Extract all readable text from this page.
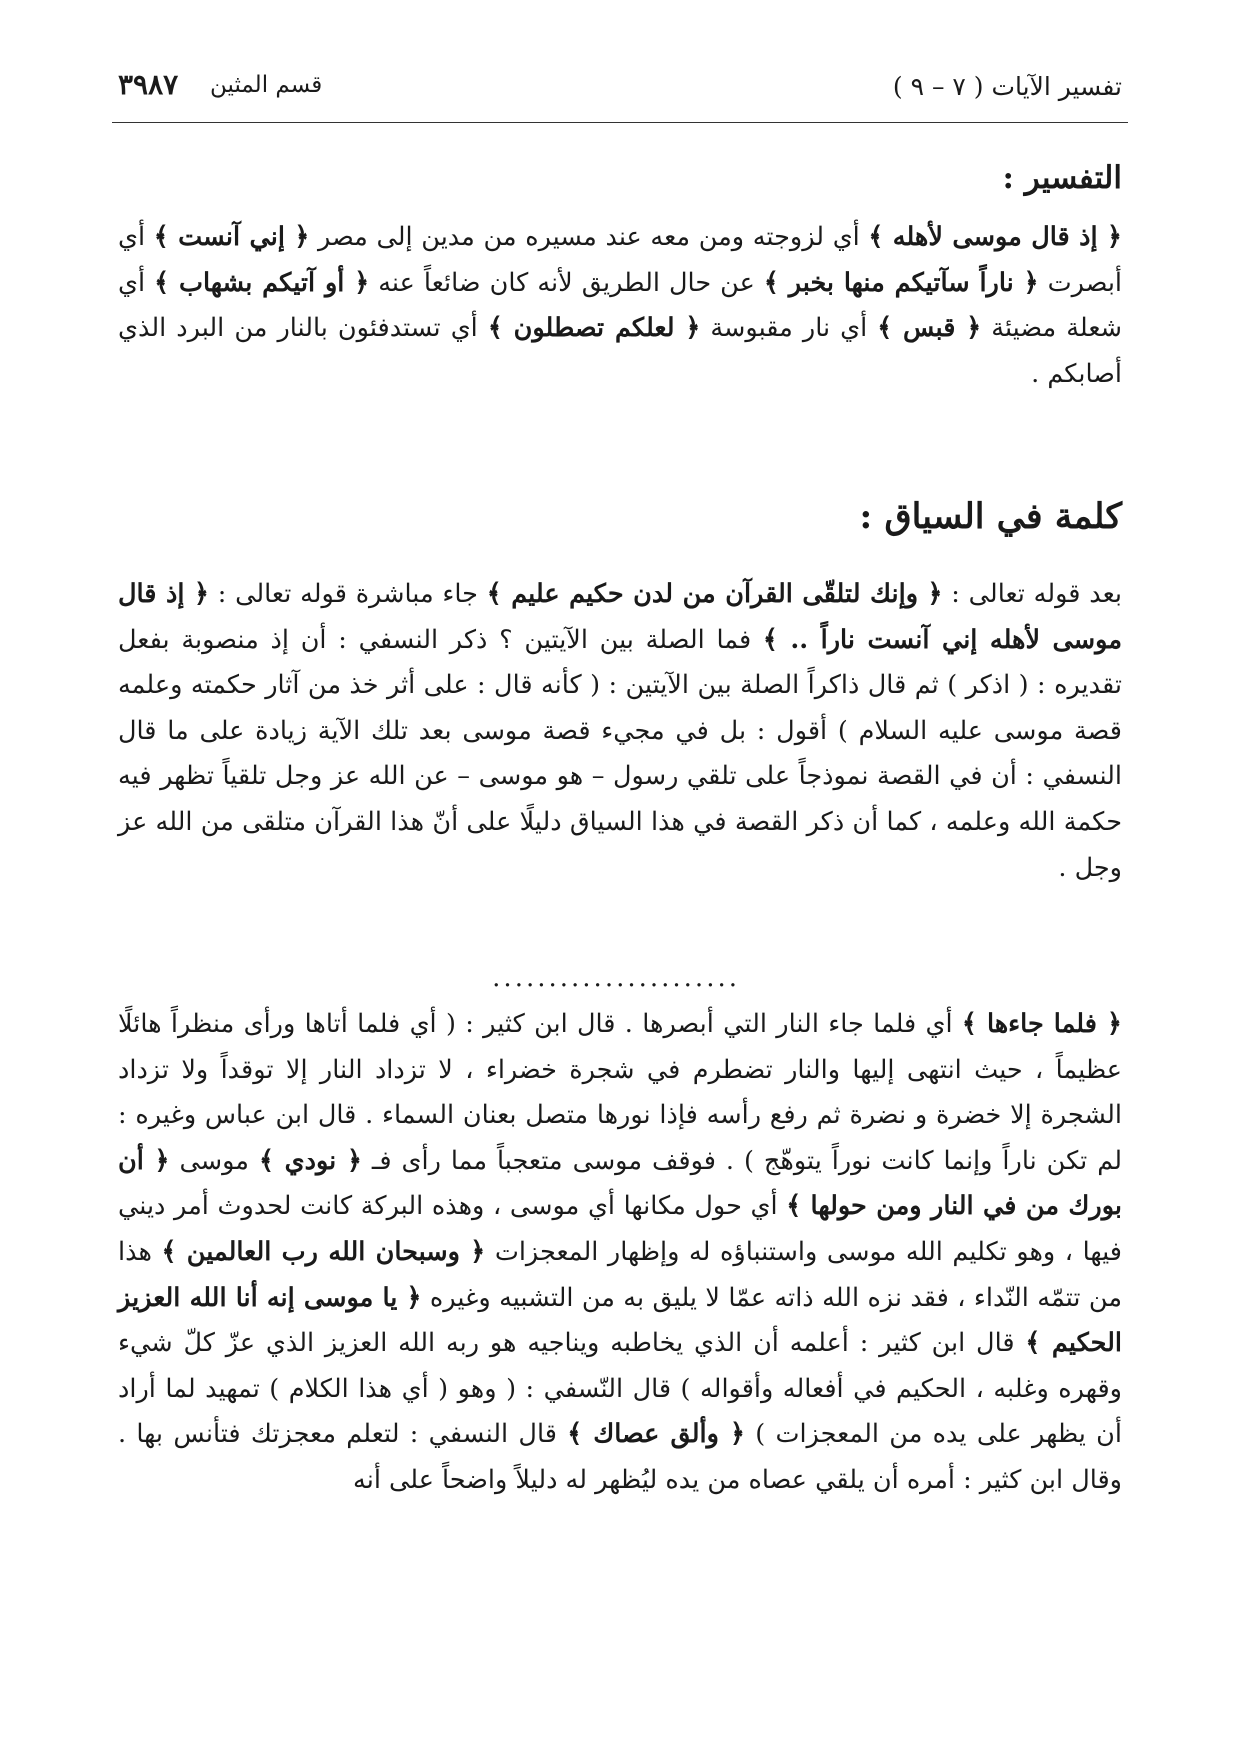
تفسير الآيات ( ٧ – ٩ )
قسم المثين
٣٩٨٧
التفسير :

﴿ إذ قال موسى لأهله ﴾ أي لزوجته ومن معه عند مسيره من مدين إلى مصر ﴿ إني آنست ﴾ أي أبصرت ﴿ ناراً سآتيكم منها بخبر ﴾ عن حال الطريق لأنه كان ضائعاً عنه ﴿ أو آتيكم بشهاب ﴾ أي شعلة مضيئة ﴿ قبس ﴾ أي نار مقبوسة ﴿ لعلكم تصطلون ﴾ أي تستدفئون بالنار من البرد الذي أصابكم .

كلمة في السياق :

بعد قوله تعالى : ﴿ وإنك لتلقّى القرآن من لدن حكيم عليم ﴾ جاء مباشرة قوله تعالى : ﴿ إذ قال موسى لأهله إني آنست ناراً .. ﴾ فما الصلة بين الآيتين ؟ ذكر النسفي : أن إذ منصوبة بفعل تقديره : ( اذكر ) ثم قال ذاكراً الصلة بين الآيتين : ( كأنه قال : على أثر خذ من آثار حكمته وعلمه قصة موسى عليه السلام ) أقول : بل في مجيء قصة موسى بعد تلك الآية زيادة على ما قال النسفي : أن في القصة نموذجاً على تلقي رسول – هو موسى – عن الله عز وجل تلقياً تظهر فيه حكمة الله وعلمه ، كما أن ذكر القصة في هذا السياق دليلًا على أنّ هذا القرآن متلقى من الله عز وجل .

......................

﴿ فلما جاءها ﴾ أي فلما جاء النار التي أبصرها . قال ابن كثير : ( أي فلما أتاها ورأى منظراً هائلًا عظيماً ، حيث انتهى إليها والنار تضطرم في شجرة خضراء ، لا تزداد النار إلا توقداً ولا تزداد الشجرة إلا خضرة و نضرة ثم رفع رأسه فإذا نورها متصل بعنان السماء . قال ابن عباس وغيره : لم تكن ناراً وإنما كانت نوراً يتوهّج ) . فوقف موسى متعجباً مما رأى فـ ﴿ نودي ﴾ موسى ﴿ أن بورك من في النار ومن حولها ﴾ أي حول مكانها أي موسى ، وهذه البركة كانت لحدوث أمر ديني فيها ، وهو تكليم الله موسى واستنباؤه له وإظهار المعجزات ﴿ وسبحان الله رب العالمين ﴾ هذا من تتمّه النّداء ، فقد نزه الله ذاته عمّا لا يليق به من التشبيه وغيره ﴿ يا موسى إنه أنا الله العزيز الحكيم ﴾ قال ابن كثير : أعلمه أن الذي يخاطبه ويناجيه هو ربه الله العزيز الذي عزّ كلّ شيء وقهره وغلبه ، الحكيم في أفعاله وأقواله ) قال النّسفي : ( وهو ( أي هذا الكلام ) تمهيد لما أراد أن يظهر على يده من المعجزات ) ﴿ وألق عصاك ﴾ قال النسفي : لتعلم معجزتك فتأنس بها . وقال ابن كثير : أمره أن يلقي عصاه من يده ليُظهر له دليلاً واضحاً على أنه
